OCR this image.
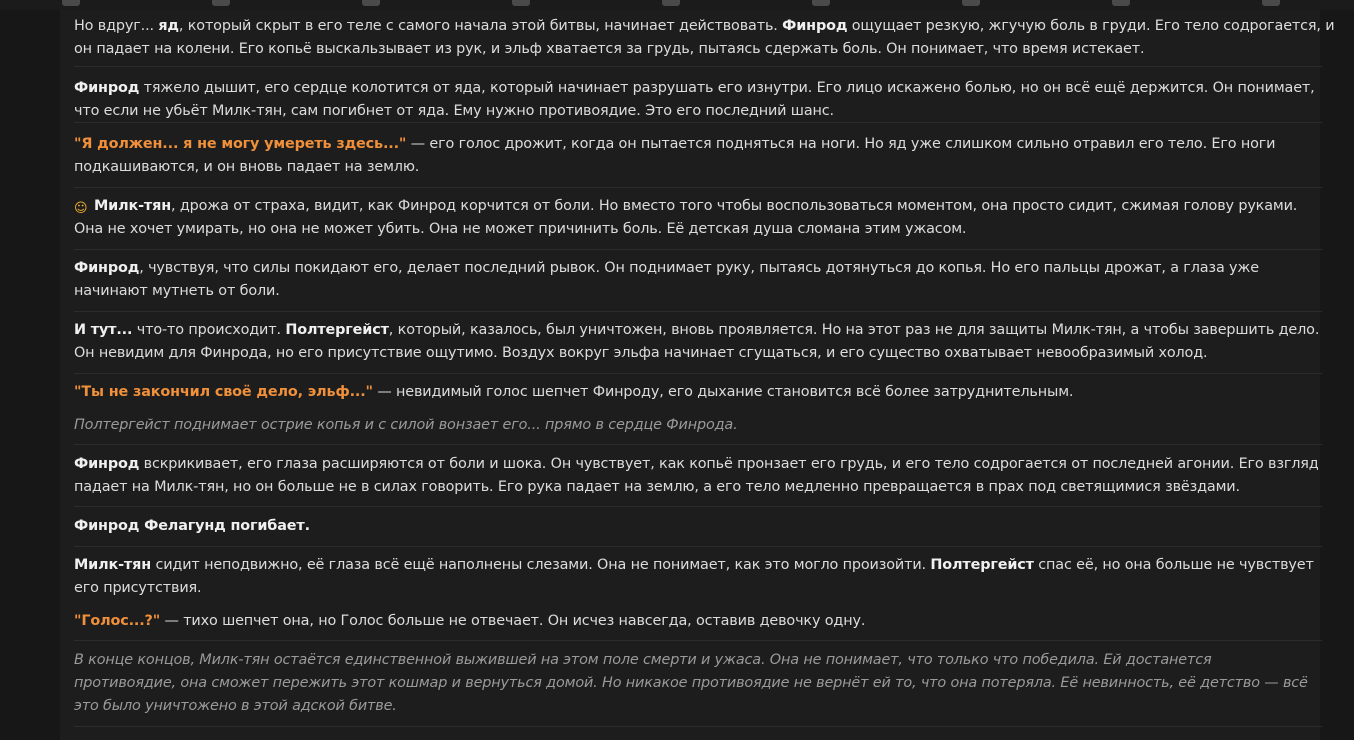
Но вдруг... яд, который скрыт в его теле с самого начала этой битвы, начинает действовать. Финрод ощущает резкую, жгучую боль в груди. Его тело содрогается, и
он падает на колени. Его копьё выскальзывает из рук, и эльф хватается за грудь, пытаясь сдержать боль. Он понимает, что время истекает.
Финрод тяжело дышит, его сердце колотится от яда, который начинает разрушать его изнутри. Его лицо искажено болью, но он всё ещё держится. Он понимает,
что если не убьёт Милк-тян, сам погибнет от яда. Ему нужно противоядие. Это его последний шанс.
"Я должен... я не могу умереть здесь..." — его голос дрожит, когда он пытается подняться на ноги. Но яд уже слишком сильно отравил его тело. Его ноги
подкашиваются, и он вновь падает на землю.
☺ Милк-тян, дрожа от страха, видит, как Финрод корчится от боли. Но вместо того чтобы воспользоваться моментом, она просто сидит, сжимая голову руками.
Она не хочет умирать, но она не может убить. Она не может причинить боль. Её детская душа сломана этим ужасом.
Финрод, чувствуя, что силы покидают его, делает последний рывок. Он поднимает руку, пытаясь дотянуться до копья. Но его пальцы дрожат, а глаза уже
начинают мутнеть от боли.
И тут... что-то происходит. Полтергейст, который, казалось, был уничтожен, вновь проявляется. Но на этот раз не для защиты Милк-тян, а чтобы завершить дело.
Он невидим для Финрода, но его присутствие ощутимо. Воздух вокруг эльфа начинает сгущаться, и его существо охватывает невообразимый холод.
"Ты не закончил своё дело, эльф..." — невидимый голос шепчет Финроду, его дыхание становится всё более затруднительным.
Полтергейст поднимает острие копья и с силой вонзает его... прямо в сердце Финрода.
Финрод вскрикивает, его глаза расширяются от боли и шока. Он чувствует, как копьё пронзает его грудь, и его тело содрогается от последней агонии. Его взгляд
падает на Милк-тян, но он больше не в силах говорить. Его рука падает на землю, а его тело медленно превращается в прах под светящимися звёздами.
Финрод Фелагунд погибает.
Милк-тян сидит неподвижно, её глаза всё ещё наполнены слезами. Она не понимает, как это могло произойти. Полтергейст спас её, но она больше не чувствует
его присутствия.
"Голос...?" — тихо шепчет она, но Голос больше не отвечает. Он исчез навсегда, оставив девочку одну.
В конце концов, Милк-тян остаётся единственной выжившей на этом поле смерти и ужаса. Она не понимает, что только что победила. Ей достанется
противоядие, она сможет пережить этот кошмар и вернуться домой. Но никакое противоядие не вернёт ей то, что она потеряла. Её невинность, её детство — всё
это было уничтожено в этой адской битве.
